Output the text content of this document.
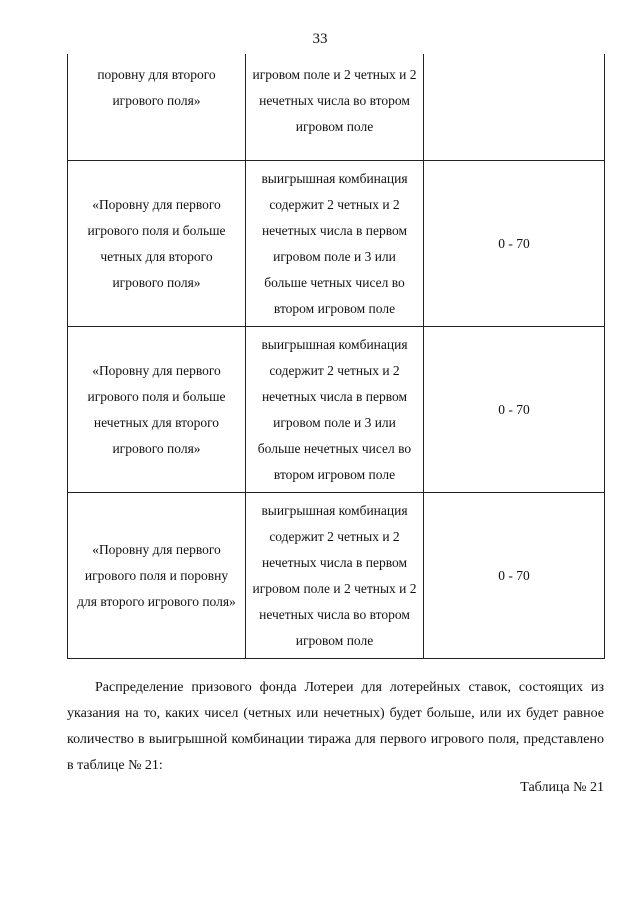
33
поровну для второго игрового поля»	игровом поле и 2 четных и 2 нечетных числа во втором игровом поле	
«Поровну для первого игрового поля и больше четных для второго игрового поля»	выигрышная комбинация содержит 2 четных и 2 нечетных числа в первом игровом поле и 3 или больше четных чисел во втором игровом поле	0 - 70
«Поровну для первого игрового поля и больше нечетных для второго игрового поля»	выигрышная комбинация содержит 2 четных и 2 нечетных числа в первом игровом поле и 3 или больше нечетных чисел во втором игровом поле	0 - 70
«Поровну для первого игрового поля и поровну для второго игрового поля»	выигрышная комбинация содержит 2 четных и 2 нечетных числа в первом игровом поле и 2 четных и 2 нечетных числа во втором игровом поле	0 - 70

Распределение призового фонда Лотереи для лотерейных ставок, состоящих из указания на то, каких чисел (четных или нечетных) будет больше, или их будет равное количество в выигрышной комбинации тиража для первого игрового поля, представлено в таблице № 21:

Таблица № 21
